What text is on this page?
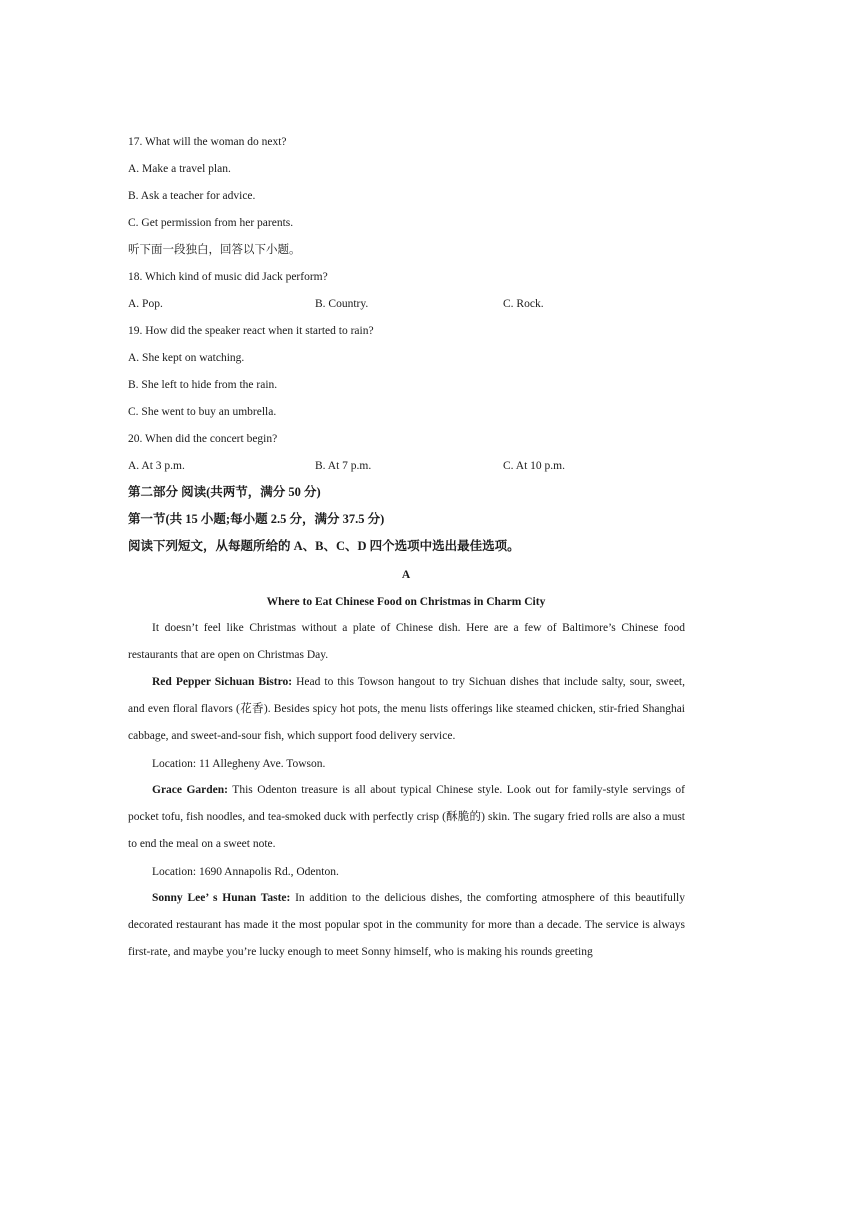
17. What will the woman do next?
A. Make a travel plan.
B. Ask a teacher for advice.
C. Get permission from her parents.
听下面一段独白，回答以下小题。
18. Which kind of music did Jack perform?
A. Pop.	B. Country.	C. Rock.
19. How did the speaker react when it started to rain?
A. She kept on watching.
B. She left to hide from the rain.
C. She went to buy an umbrella.
20. When did the concert begin?
A. At 3 p.m.	B. At 7 p.m.	C. At 10 p.m.
第二部分 阅读(共两节，满分 50 分)
第一节(共 15 小题;每小题 2.5 分，满分 37.5 分)
阅读下列短文，从每题所给的 A、B、C、D 四个选项中选出最佳选项。
A
Where to Eat Chinese Food on Christmas in Charm City
It doesn’t feel like Christmas without a plate of Chinese dish. Here are a few of Baltimore’s Chinese food restaurants that are open on Christmas Day.
Red Pepper Sichuan Bistro: Head to this Towson hangout to try Sichuan dishes that include salty, sour, sweet, and even floral flavors (花香). Besides spicy hot pots, the menu lists offerings like steamed chicken, stir-fried Shanghai cabbage, and sweet-and-sour fish, which support food delivery service.
Location: 11 Allegheny Ave. Towson.
Grace Garden: This Odenton treasure is all about typical Chinese style. Look out for family-style servings of pocket tofu, fish noodles, and tea-smoked duck with perfectly crisp (酥脆的) skin. The sugary fried rolls are also a must to end the meal on a sweet note.
Location: 1690 Annapolis Rd., Odenton.
Sonny Lee’ s Hunan Taste: In addition to the delicious dishes, the comforting atmosphere of this beautifully decorated restaurant has made it the most popular spot in the community for more than a decade. The service is always first-rate, and maybe you’re lucky enough to meet Sonny himself, who is making his rounds greeting
